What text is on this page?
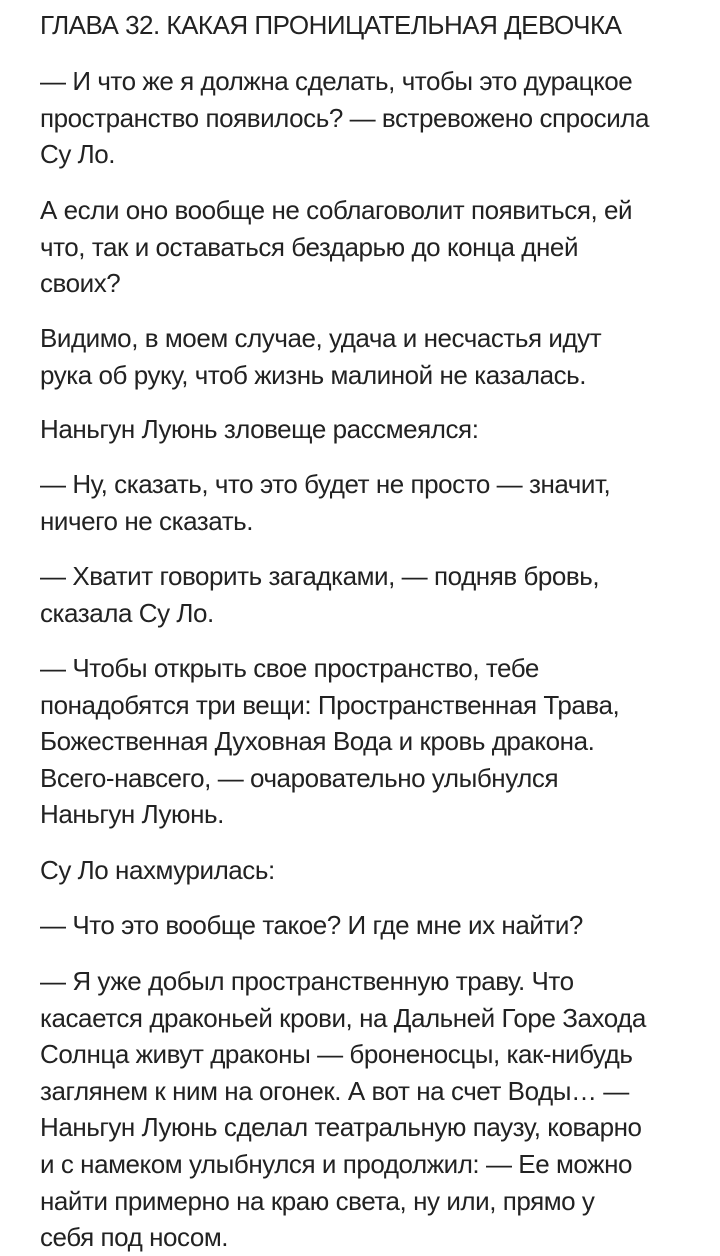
ГЛАВА 32. КАКАЯ ПРОНИЦАТЕЛЬНАЯ ДЕВОЧКА

— И что же я должна сделать, чтобы это дурацкое
пространство появилось? — встревожено спросила
Су Ло.

А если оно вообще не соблаговолит появиться, ей
что, так и оставаться бездарью до конца дней
своих?

Видимо, в моем случае, удача и несчастья идут
рука об руку, чтоб жизнь малиной не казалась.

Наньгун Луюнь зловеще рассмеялся:

— Ну, сказать, что это будет не просто — значит,
ничего не сказать.

— Хватит говорить загадками, — подняв бровь,
сказала Су Ло.

— Чтобы открыть свое пространство, тебе
понадобятся три вещи: Пространственная Трава,
Божественная Духовная Вода и кровь дракона.
Всего-навсего, — очаровательно улыбнулся
Наньгун Луюнь.

Су Ло нахмурилась:

— Что это вообще такое? И где мне их найти?

— Я уже добыл пространственную траву. Что
касается драконьей крови, на Дальней Горе Захода
Солнца живут драконы — броненосцы, как-нибудь
заглянем к ним на огонек. А вот на счет Воды… —
Наньгун Луюнь сделал театральную паузу, коварно
и с намеком улыбнулся и продолжил: — Ее можно
найти примерно на краю света, ну или, прямо у
себя под носом.
